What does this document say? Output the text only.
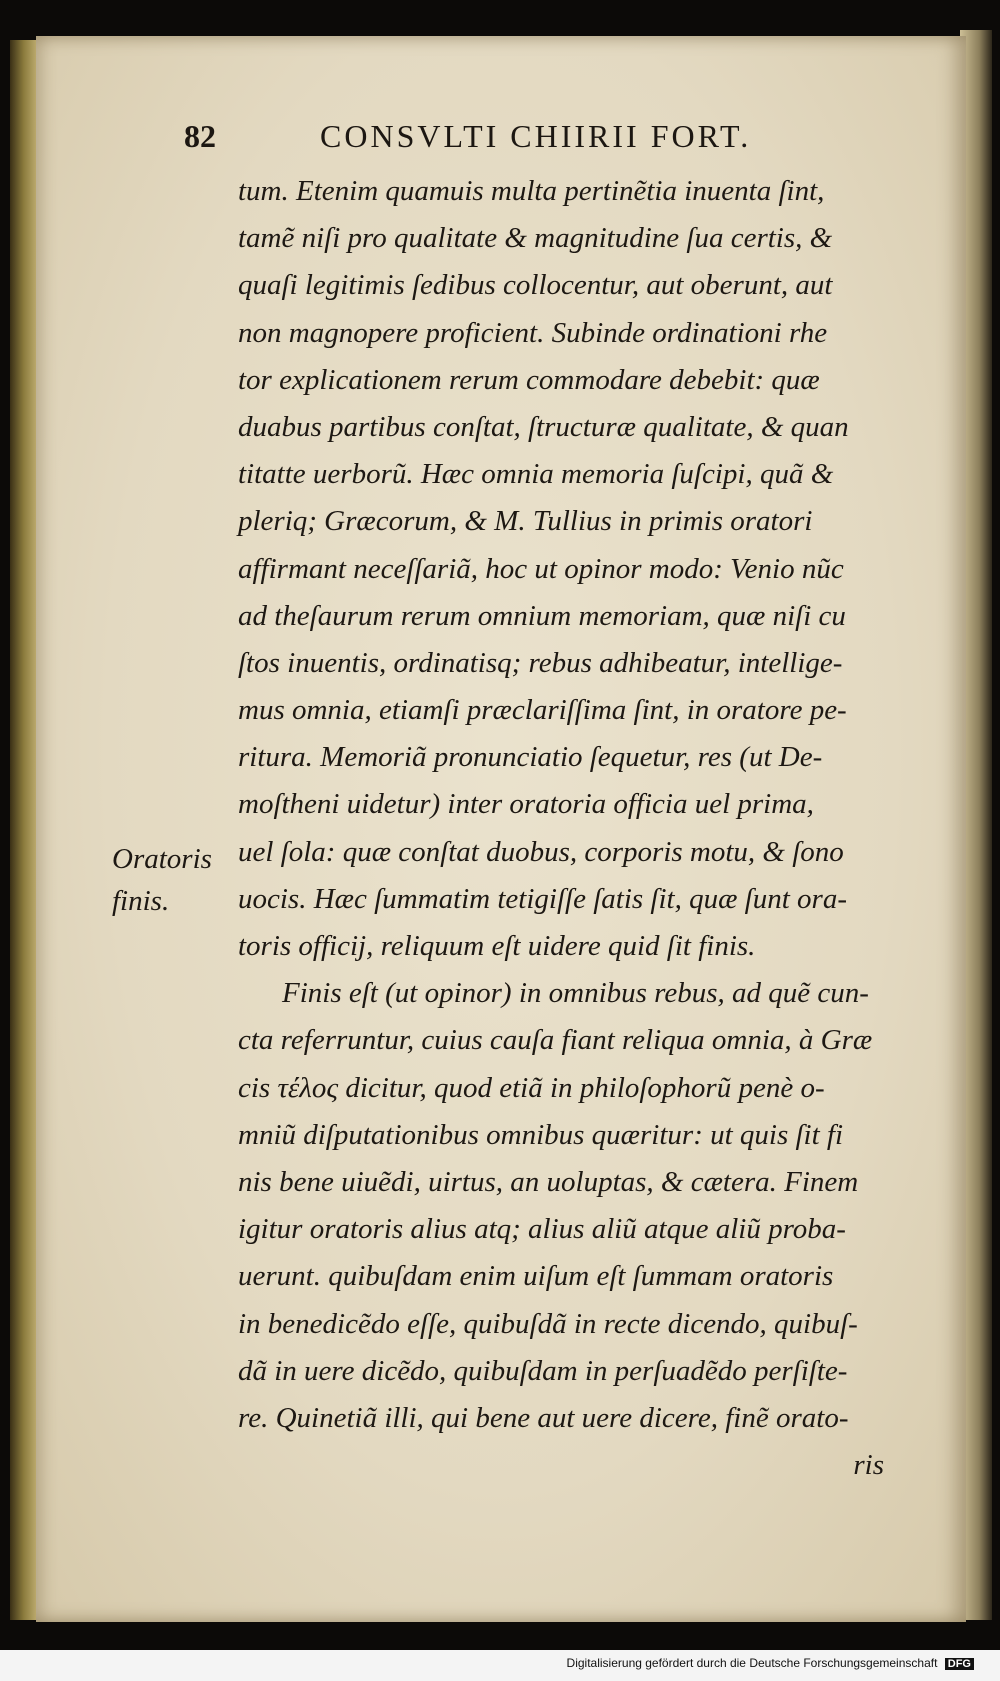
82	CONSVLTI CHIIRII FORT.
Oratoris
finis.
tum. Etenim quamuis multa pertinẽtia inuenta ſint,
tamẽ niſi pro qualitate & magnitudine ſua certis, &
quaſi legitimis ſedibus collocentur, aut oberunt, aut
non magnopere proficient. Subinde ordinationi rhe
tor explicationem rerum commodare debebit: quæ
duabus partibus conſtat, ſtructuræ qualitate, & quan
titatte uerborũ. Hæc omnia memoria ſuſcipi, quã &
pleriq; Græcorum, & M. Tullius in primis oratori
affirmant neceſſariã, hoc ut opinor modo: Venio nũc
ad theſaurum rerum omnium memoriam, quæ niſi cu
ſtos inuentis, ordinatisq; rebus adhibeatur, intellige-
mus omnia, etiamſi præclariſſima ſint, in oratore pe-
ritura. Memoriã pronunciatio ſequetur, res (ut De-
moſtheni uidetur) inter oratoria officia uel prima,
uel ſola: quæ conſtat duobus, corporis motu, & ſono
uocis. Hæc ſummatim tetigiſſe ſatis ſit, quæ ſunt ora-
toris officij, reliquum eſt uidere quid ſit finis.
Finis eſt (ut opinor) in omnibus rebus, ad quẽ cun-
cta referruntur, cuius cauſa fiant reliqua omnia, à Græ
cis τέλος dicitur, quod etiã in philoſophorũ penè o-
mniũ diſputationibus omnibus quæritur: ut quis ſit fi
nis bene uiuẽdi, uirtus, an uoluptas, & cætera. Finem
igitur oratoris alius atq; alius aliũ atque aliũ proba-
uerunt. quibuſdam enim uiſum eſt ſummam oratoris
in benedicẽdo eſſe, quibuſdã in recte dicendo, quibuſ-
dã in uere dicẽdo, quibuſdam in perſuadẽdo perſiſte-
re. Quinetiã illi, qui bene aut uere dicere, finẽ orato-
ris
Digitalisierung gefördert durch die Deutsche Forschungsgemeinschaft DFG
